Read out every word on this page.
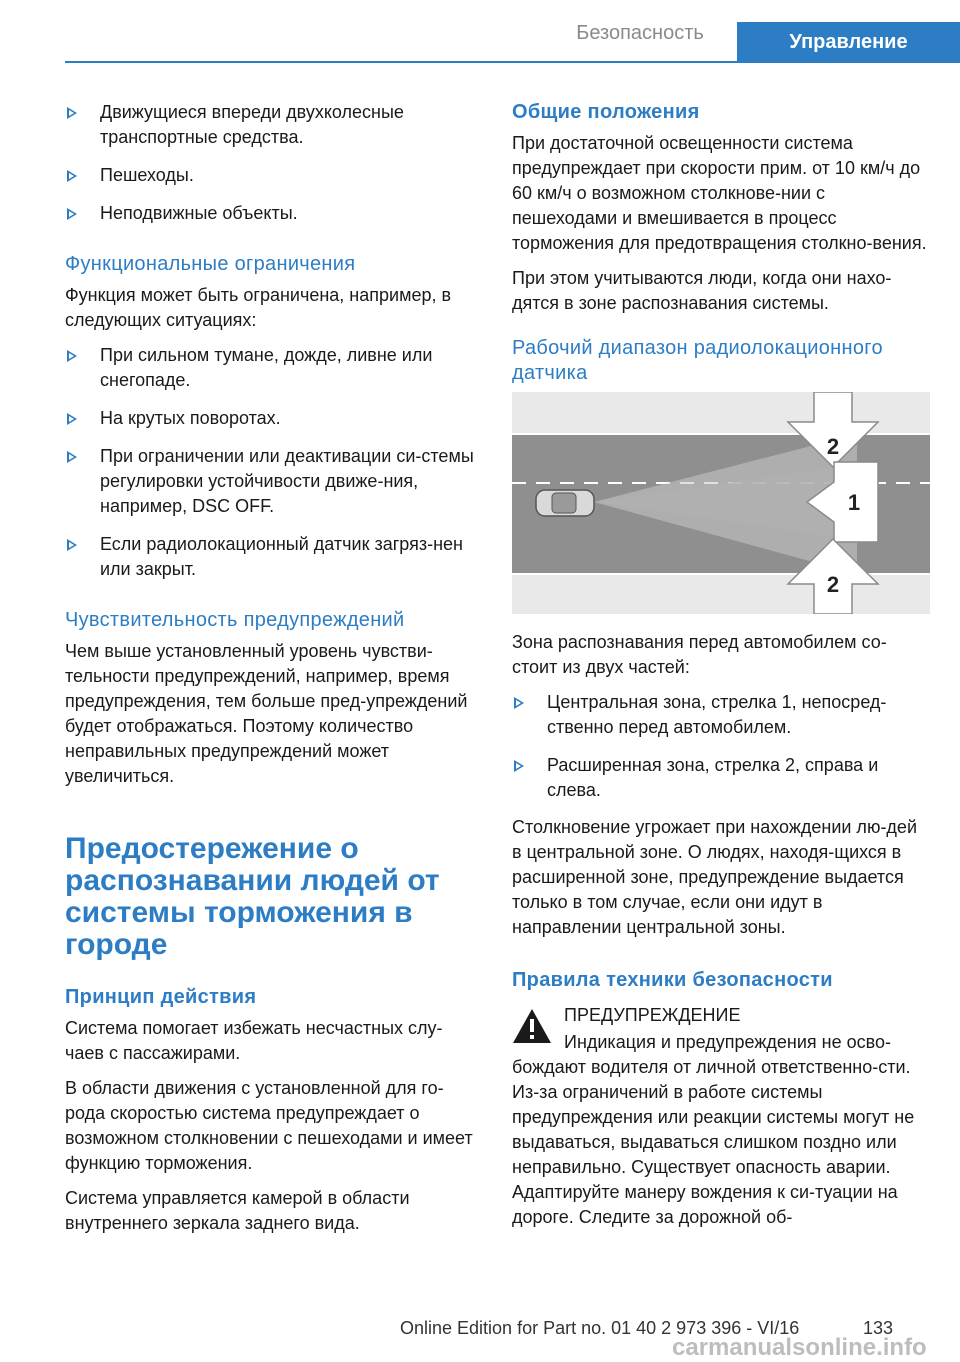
Безопасность	Управление
Движущиеся впереди двухколесные транспортные средства.
Пешеходы.
Неподвижные объекты.
Функциональные ограничения

Функция может быть ограничена, например, в следующих ситуациях:

При сильном тумане, дожде, ливне или снегопаде.
На крутых поворотах.
При ограничении или деактивации си-стемы регулировки устойчивости движе-ния, например, DSC OFF.
Если радиолокационный датчик загряз-нен или закрыт.
Чувствительность предупреждений

Чем выше установленный уровень чувстви-тельности предупреждений, например, время предупреждения, тем больше пред-упреждений будет отображаться. Поэтому количество неправильных предупреждений может увеличиться.

Предостережение о распознавании людей от системы торможения в городе
Принцип действия

Система помогает избежать несчастных слу-чаев с пассажирами.

В области движения с установленной для го-рода скоростью система предупреждает о возможном столкновении с пешеходами и имеет функцию торможения.

Система управляется камерой в области внутреннего зеркала заднего вида.

Общие положения

При достаточной освещенности система предупреждает при скорости прим. от 10 км/ч до 60 км/ч о возможном столкнове-нии с пешеходами и вмешивается в процесс торможения для предотвращения столкно-вения.

При этом учитываются люди, когда они нахо-дятся в зоне распознавания системы.

Рабочий диапазон радиолокационного датчика
2
1
2

Зона распознавания перед автомобилем со-стоит из двух частей:

Центральная зона, стрелка 1, непосред-ственно перед автомобилем.
Расширенная зона, стрелка 2, справа и слева.

Столкновение угрожает при нахождении лю-дей в центральной зоне. О людях, находя-щихся в расширенной зоне, предупреждение выдается только в том случае, если они идут в направлении центральной зоны.

Правила техники безопасности

ПРЕДУПРЕЖДЕНИЕ

Индикация и предупреждения не осво-бождают водителя от личной ответственно-сти. Из-за ограничений в работе системы предупреждения или реакции системы могут не выдаваться, выдаваться слишком поздно или неправильно. Существует опасность аварии. Адаптируйте манеру вождения к си-туации на дороге. Следите за дорожной об-

Online Edition for Part no. 01 40 2 973 396 - VI/16	133
carmanualsonline.info
